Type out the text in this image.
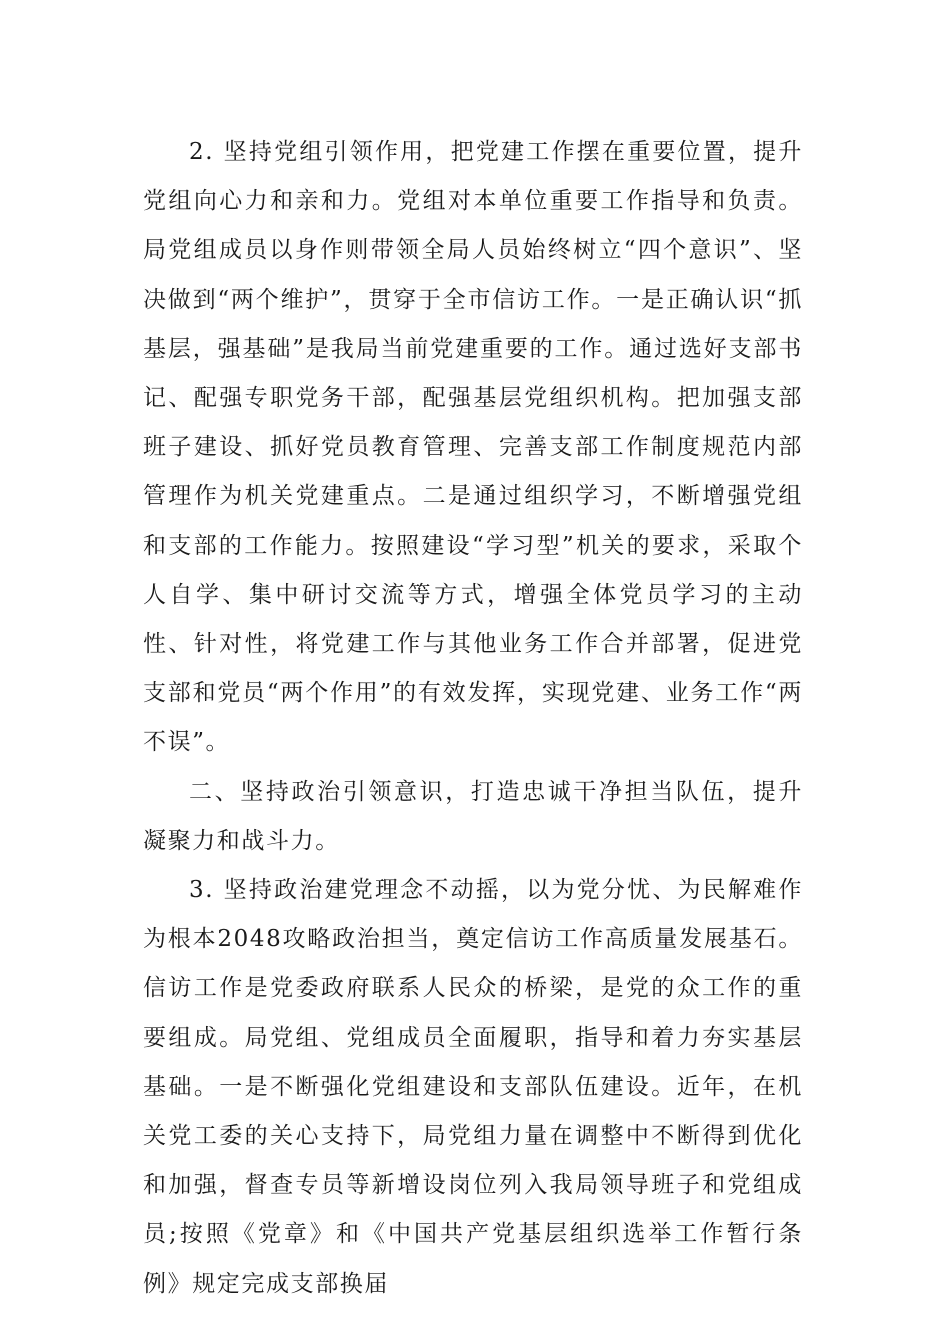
2. 坚持党组引领作用，把党建工作摆在重要位置，提升党组向心力和亲和力。党组对本单位重要工作指导和负责。局党组成员以身作则带领全局人员始终树立“四个意识”、坚决做到“两个维护”，贯穿于全市信访工作。一是正确认识“抓基层，强基础”是我局当前党建重要的工作。通过选好支部书记、配强专职党务干部，配强基层党组织机构。把加强支部班子建设、抓好党员教育管理、完善支部工作制度规范内部管理作为机关党建重点。二是通过组织学习，不断增强党组和支部的工作能力。按照建设“学习型”机关的要求，采取个人自学、集中研讨交流等方式，增强全体党员学习的主动性、针对性，将党建工作与其他业务工作合并部署，促进党支部和党员“两个作用”的有效发挥，实现党建、业务工作“两不误”。

二、坚持政治引领意识，打造忠诚干净担当队伍，提升凝聚力和战斗力。

3. 坚持政治建党理念不动摇，以为党分忧、为民解难作为根本2048攻略政治担当，奠定信访工作高质量发展基石。信访工作是党委政府联系人民众的桥梁，是党的众工作的重要组成。局党组、党组成员全面履职，指导和着力夯实基层基础。一是不断强化党组建设和支部队伍建设。近年，在机关党工委的关心支持下，局党组力量在调整中不断得到优化和加强，督查专员等新增设岗位列入我局领导班子和党组成员;按照《党章》和《中国共产党基层组织选举工作暂行条例》规定完成支部换届
